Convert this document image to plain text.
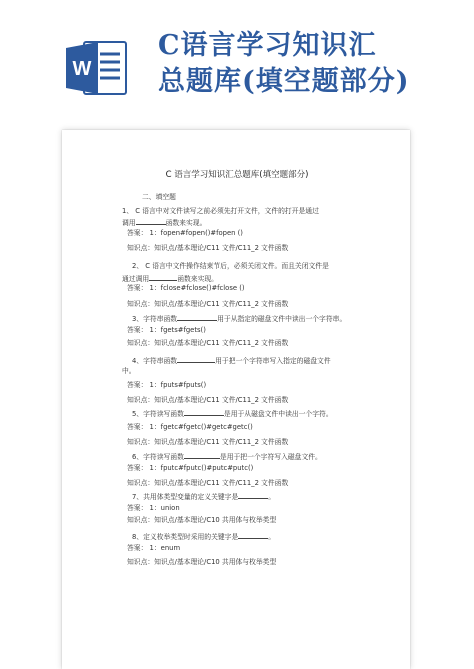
W
C语言学习知识汇
总题库(填空题部分)
C 语言学习知识汇总题库(填空题部分)
二、填空题
1、 C 语言中对文件读写之前必须先打开文件，文件的打开是通过
调用	函数来实现。
答案： 1：fopen#fopen()#fopen ()
知识点：知识点/基本理论/C11 文件/C11_2 文件函数
2、 C 语言中文件操作结束节后，必须关闭文件。而且关闭文件是
通过调用	函数来实现。
答案： 1：fclose#fclose()#fclose ()
知识点：知识点/基本理论/C11 文件/C11_2 文件函数
3、字符串函数	用于从指定的磁盘文件中读出一个字符串。
答案： 1：fgets#fgets()
知识点：知识点/基本理论/C11 文件/C11_2 文件函数
4、字符串函数	用于把一个字符串写入指定的磁盘文件
中。
答案： 1：fputs#fputs()
知识点：知识点/基本理论/C11 文件/C11_2 文件函数
5、字符读写函数	是用于从磁盘文件中读出一个字符。
答案： 1：fgetc#fgetc()#getc#getc()
知识点：知识点/基本理论/C11 文件/C11_2 文件函数
6、字符读写函数	是用于把一个字符写入磁盘文件。
答案： 1：fputc#fputc()#putc#putc()
知识点：知识点/基本理论/C11 文件/C11_2 文件函数
7、共用体类型变量的定义关键字是	。
答案： 1：union
知识点：知识点/基本理论/C10 共用体与枚举类型
8、定义枚举类型时采用的关键字是	。
答案： 1：enum
知识点：知识点/基本理论/C10 共用体与枚举类型
